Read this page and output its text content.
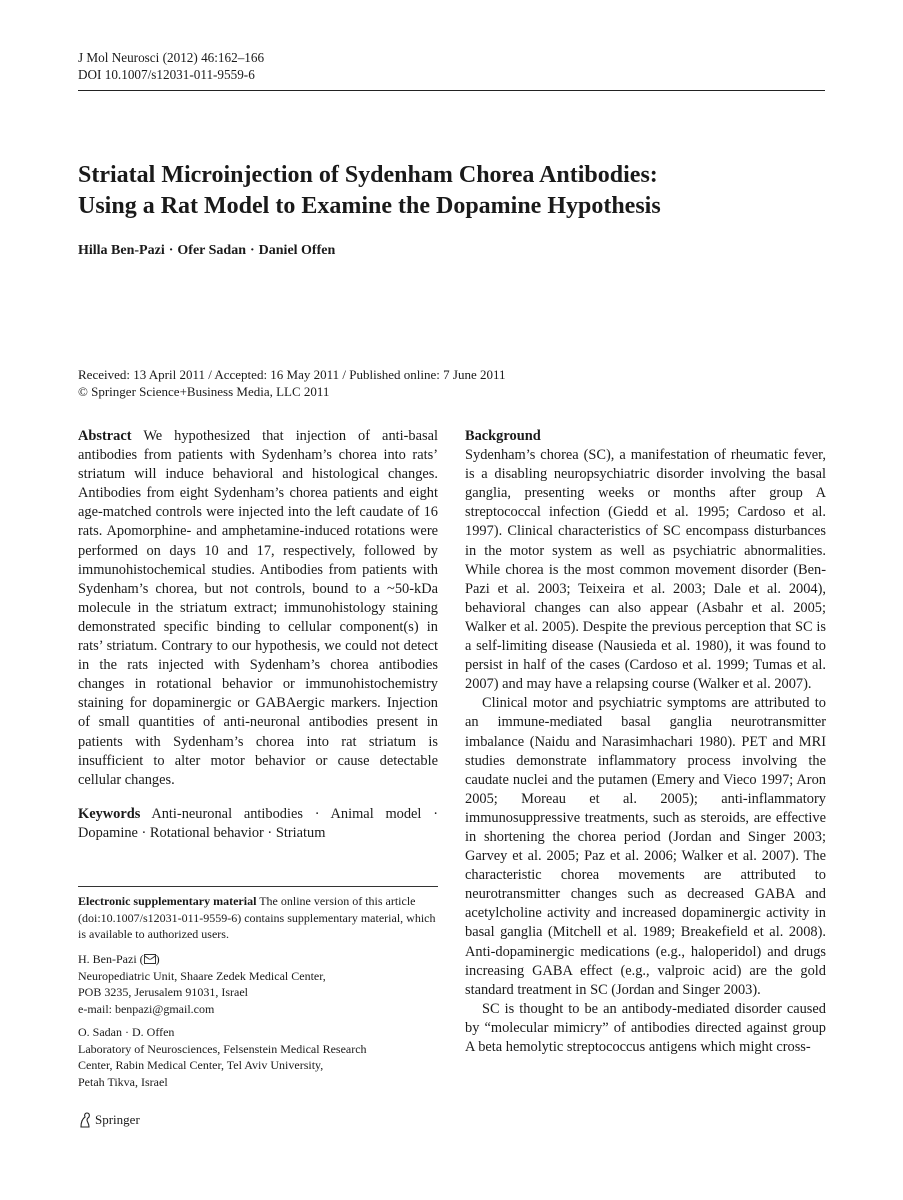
J Mol Neurosci (2012) 46:162–166
DOI 10.1007/s12031-011-9559-6
Striatal Microinjection of Sydenham Chorea Antibodies:
Using a Rat Model to Examine the Dopamine Hypothesis
Hilla Ben-Pazi · Ofer Sadan · Daniel Offen
Received: 13 April 2011 / Accepted: 16 May 2011 / Published online: 7 June 2011
© Springer Science+Business Media, LLC 2011

Abstract We hypothesized that injection of anti-basal antibodies from patients with Sydenham’s chorea into rats’ striatum will induce behavioral and histological changes. Antibodies from eight Sydenham’s chorea patients and eight age-matched controls were injected into the left caudate of 16 rats. Apomorphine- and amphetamine-induced rotations were performed on days 10 and 17, respectively, followed by immunohistochemical studies. Antibodies from patients with Sydenham’s chorea, but not controls, bound to a ~50-kDa molecule in the striatum extract; immunohistology staining demonstrated specific binding to cellular component(s) in rats’ striatum. Contrary to our hypothesis, we could not detect in the rats injected with Sydenham’s chorea antibodies changes in rotational behavior or immunohistochemistry staining for dopaminergic or GABAergic markers. Injection of small quantities of anti-neuronal antibodies present in patients with Sydenham’s chorea into rat striatum is insufficient to alter motor behavior or cause detectable cellular changes.

Keywords Anti-neuronal antibodies · Animal model · Dopamine · Rotational behavior · Striatum

Electronic supplementary material The online version of this article (doi:10.1007/s12031-011-9559-6) contains supplementary material, which is available to authorized users.

H. Ben-Pazi ( )

Neuropediatric Unit, Shaare Zedek Medical Center,

POB 3235, Jerusalem 91031, Israel

e-mail: benpazi@gmail.com

O. Sadan · D. Offen

Laboratory of Neurosciences, Felsenstein Medical Research

Center, Rabin Medical Center, Tel Aviv University,

Petah Tikva, Israel

Background

Sydenham’s chorea (SC), a manifestation of rheumatic fever, is a disabling neuropsychiatric disorder involving the basal ganglia, presenting weeks or months after group A streptococcal infection (Giedd et al. 1995; Cardoso et al. 1997). Clinical characteristics of SC encompass disturbances in the motor system as well as psychiatric abnormalities. While chorea is the most common movement disorder (Ben-Pazi et al. 2003; Teixeira et al. 2003; Dale et al. 2004), behavioral changes can also appear (Asbahr et al. 2005; Walker et al. 2005). Despite the previous perception that SC is a self-limiting disease (Nausieda et al. 1980), it was found to persist in half of the cases (Cardoso et al. 1999; Tumas et al. 2007) and may have a relapsing course (Walker et al. 2007).

Clinical motor and psychiatric symptoms are attributed to an immune-mediated basal ganglia neurotransmitter imbalance (Naidu and Narasimhachari 1980). PET and MRI studies demonstrate inflammatory process involving the caudate nuclei and the putamen (Emery and Vieco 1997; Aron 2005; Moreau et al. 2005); anti-inflammatory immunosuppressive treatments, such as steroids, are effective in shortening the chorea period (Jordan and Singer 2003; Garvey et al. 2005; Paz et al. 2006; Walker et al. 2007). The characteristic chorea movements are attributed to neurotransmitter changes such as decreased GABA and acetylcholine activity and increased dopaminergic activity in basal ganglia (Mitchell et al. 1989; Breakefield et al. 2008). Anti-dopaminergic medications (e.g., haloperidol) and drugs increasing GABA effect (e.g., valproic acid) are the gold standard treatment in SC (Jordan and Singer 2003).

SC is thought to be an antibody-mediated disorder caused by “molecular mimicry” of antibodies directed against group A beta hemolytic streptococcus antigens which might cross-

Springer
